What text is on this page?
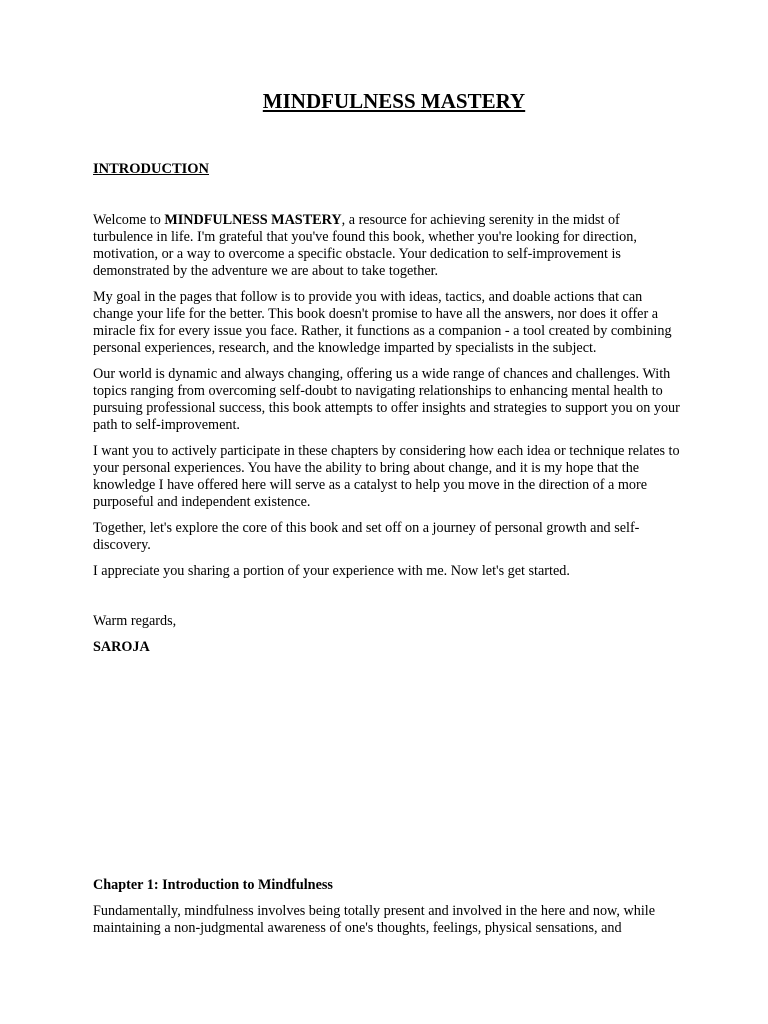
MINDFULNESS MASTERY
INTRODUCTION

Welcome to MINDFULNESS MASTERY, a resource for achieving serenity in the midst of turbulence in life. I'm grateful that you've found this book, whether you're looking for direction, motivation, or a way to overcome a specific obstacle. Your dedication to self-improvement is demonstrated by the adventure we are about to take together.

My goal in the pages that follow is to provide you with ideas, tactics, and doable actions that can change your life for the better. This book doesn't promise to have all the answers, nor does it offer a miracle fix for every issue you face. Rather, it functions as a companion - a tool created by combining personal experiences, research, and the knowledge imparted by specialists in the subject.

Our world is dynamic and always changing, offering us a wide range of chances and challenges. With topics ranging from overcoming self-doubt to navigating relationships to enhancing mental health to pursuing professional success, this book attempts to offer insights and strategies to support you on your path to self-improvement.

I want you to actively participate in these chapters by considering how each idea or technique relates to your personal experiences. You have the ability to bring about change, and it is my hope that the knowledge I have offered here will serve as a catalyst to help you move in the direction of a more purposeful and independent existence.

Together, let's explore the core of this book and set off on a journey of personal growth and self-discovery.

I appreciate you sharing a portion of your experience with me. Now let's get started.

Warm regards,

SAROJA

Chapter 1: Introduction to Mindfulness

Fundamentally, mindfulness involves being totally present and involved in the here and now, while maintaining a non-judgmental awareness of one's thoughts, feelings, physical sensations, and
